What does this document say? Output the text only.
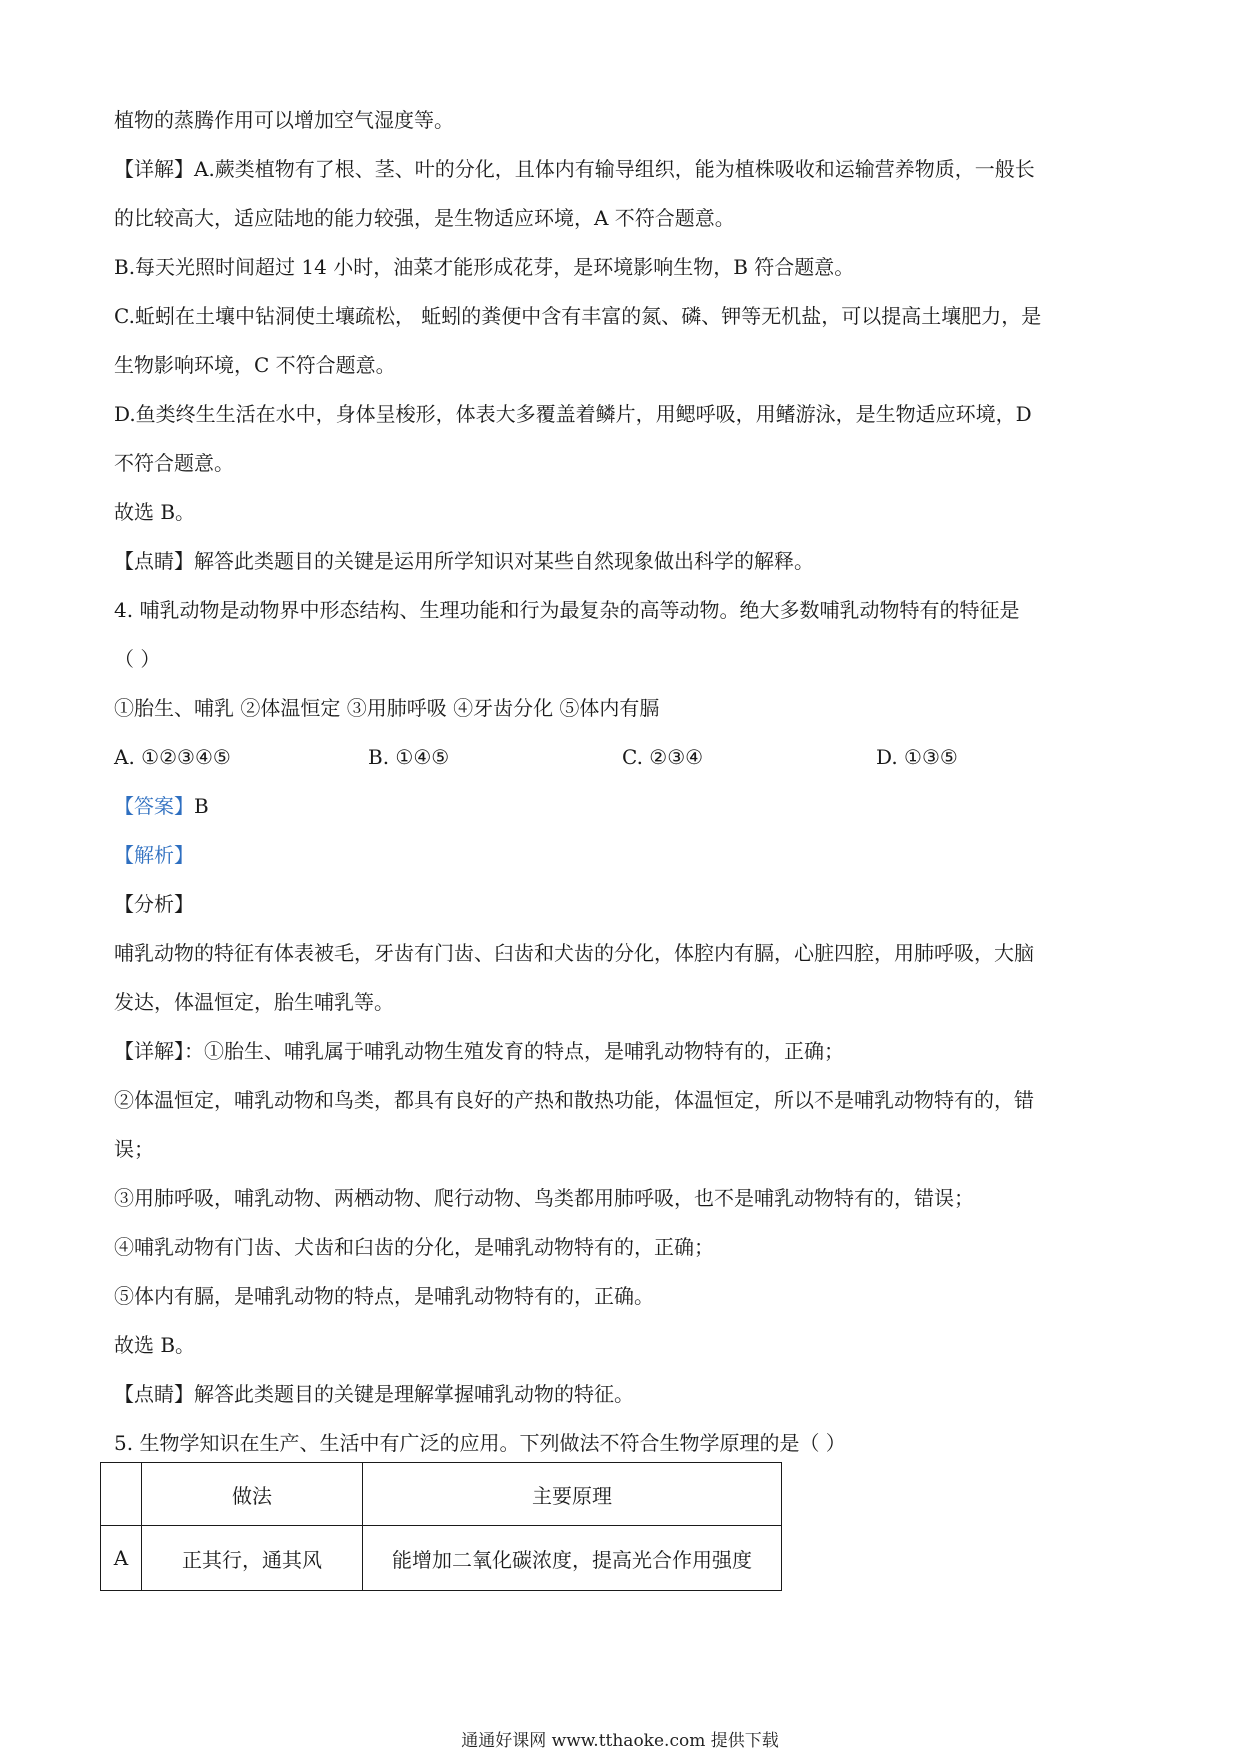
植物的蒸腾作用可以增加空气湿度等。
【详解】A.蕨类植物有了根、茎、叶的分化，且体内有输导组织，能为植株吸收和运输营养物质，一般长
的比较高大，适应陆地的能力较强，是生物适应环境，A 不符合题意。
B.每天光照时间超过 14 小时，油菜才能形成花芽，是环境影响生物，B 符合题意。
C.蚯蚓在土壤中钻洞使土壤疏松， 蚯蚓的粪便中含有丰富的氮、磷、钾等无机盐，可以提高土壤肥力，是
生物影响环境，C 不符合题意。
D.鱼类终生生活在水中，身体呈梭形，体表大多覆盖着鳞片，用鳃呼吸，用鳍游泳，是生物适应环境，D
不符合题意。
故选 B。
【点睛】解答此类题目的关键是运用所学知识对某些自然现象做出科学的解释。
4. 哺乳动物是动物界中形态结构、生理功能和行为最复杂的高等动物。绝大多数哺乳动物特有的特征是
（ ）
①胎生、哺乳 ②体温恒定 ③用肺呼吸 ④牙齿分化 ⑤体内有膈
A. ①②③④⑤	B. ①④⑤	C. ②③④	D. ①③⑤
【答案】B
【解析】
【分析】
哺乳动物的特征有体表被毛，牙齿有门齿、臼齿和犬齿的分化，体腔内有膈，心脏四腔，用肺呼吸，大脑
发达，体温恒定，胎生哺乳等。
【详解】：①胎生、哺乳属于哺乳动物生殖发育的特点，是哺乳动物特有的，正确；
②体温恒定，哺乳动物和鸟类，都具有良好的产热和散热功能，体温恒定，所以不是哺乳动物特有的，错
误；
③用肺呼吸，哺乳动物、两栖动物、爬行动物、鸟类都用肺呼吸，也不是哺乳动物特有的，错误；
④哺乳动物有门齿、犬齿和臼齿的分化，是哺乳动物特有的，正确；
⑤体内有膈，是哺乳动物的特点，是哺乳动物特有的，正确。
故选 B。
【点睛】解答此类题目的关键是理解掌握哺乳动物的特征。
5. 生物学知识在生产、生活中有广泛的应用。下列做法不符合生物学原理的是（ ）
	做法	主要原理
A	正其行，通其风	能增加二氧化碳浓度，提高光合作用强度
通通好课网 www.tthaoke.com 提供下载
